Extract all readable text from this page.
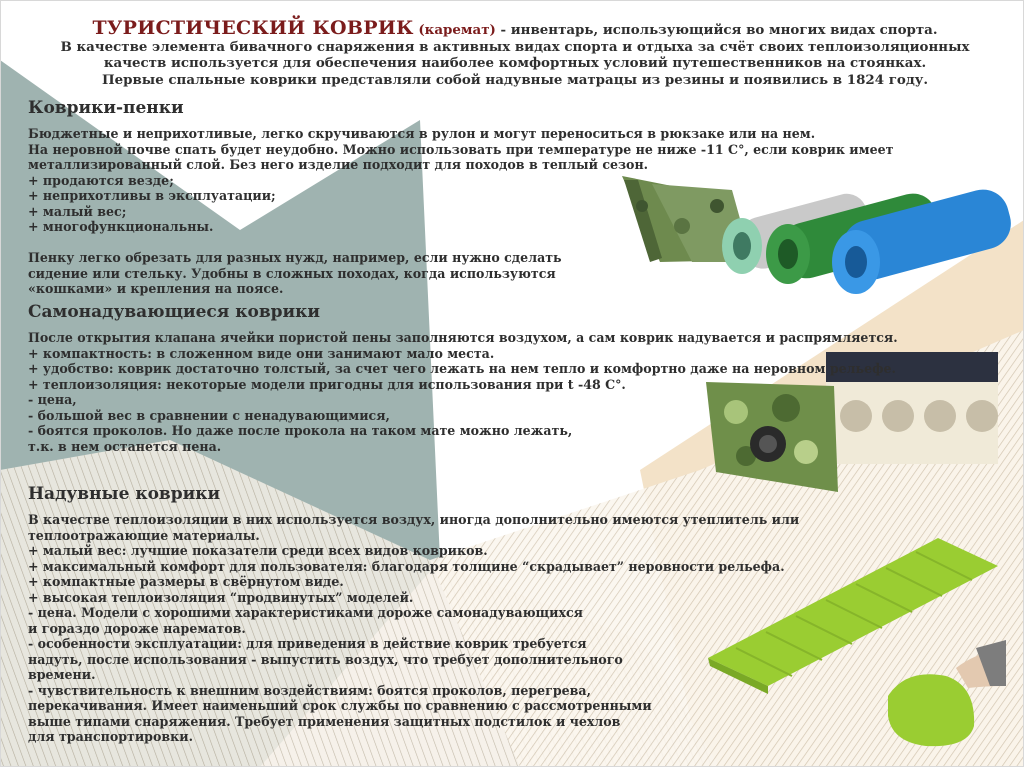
ТУРИСТИЧЕСКИЙ КОВРИК (каремат) - инвентарь, использующийся во многих видах спорта.
В качестве элемента бивачного снаряжения в активных видах спорта и отдыха за счёт своих теплоизоляционных
качеств используется для обеспечения наиболее комфортных условий путешественников на стоянках.
Первые спальные коврики представляли собой надувные матрацы из резины и появились в 1824 году.
Коврики-пенки
Бюджетные и неприхотливые, легко скручиваются в рулон и могут переноситься в рюкзаке или на нем.
На неровной почве спать будет неудобно. Можно использовать при температуре не ниже -11 С°, если коврик имеет
металлизированный слой. Без него изделие подходит для походов в теплый сезон.
+ продаются везде;
+ неприхотливы в эксплуатации;
+ малый вес;
+ многофункциональны.
Пенку легко обрезать для разных нужд, например, если нужно сделать
сидение или стельку. Удобны в сложных походах, когда используются
«кошками» и крепления на поясе.
Самонадувающиеся коврики
После открытия клапана ячейки пористой пены заполняются воздухом, а сам коврик надувается и распрямляется.
+ компактность: в сложенном виде они занимают мало места.
+ удобство: коврик достаточно толстый, за счет чего лежать на нем тепло и комфортно даже на неровном рельефе.
+ теплоизоляция: некоторые модели пригодны для использования при t -48 С°.
- цена,
- большой вес в сравнении с ненадувающимися,
- боятся проколов. Но даже после прокола на таком мате можно лежать,
т.к. в нем останется пена.
Надувные коврики
В качестве теплоизоляции в них используется воздух, иногда дополнительно имеются утеплитель или
теплоотражающие материалы.
+ малый вес: лучшие показатели среди всех видов ковриков.
+ максимальный комфорт для пользователя: благодаря толщине “скрадывает” неровности рельефа.
+ компактные размеры в свёрнутом виде.
+ высокая теплоизоляция “продвинутых” моделей.
- цена. Модели с хорошими характеристиками дороже самонадувающихся
и гораздо дороже нарематов.
- особенности эксплуатации: для приведения в действие коврик требуется
надуть, после использования - выпустить воздух, что требует дополнительного
времени.
- чувствительность к внешним воздействиям: боятся проколов, перегрева,
перекачивания. Имеет наименьший срок службы по сравнению с рассмотренными
выше типами снаряжения. Требует применения защитных подстилок и чехлов
для транспортировки.
